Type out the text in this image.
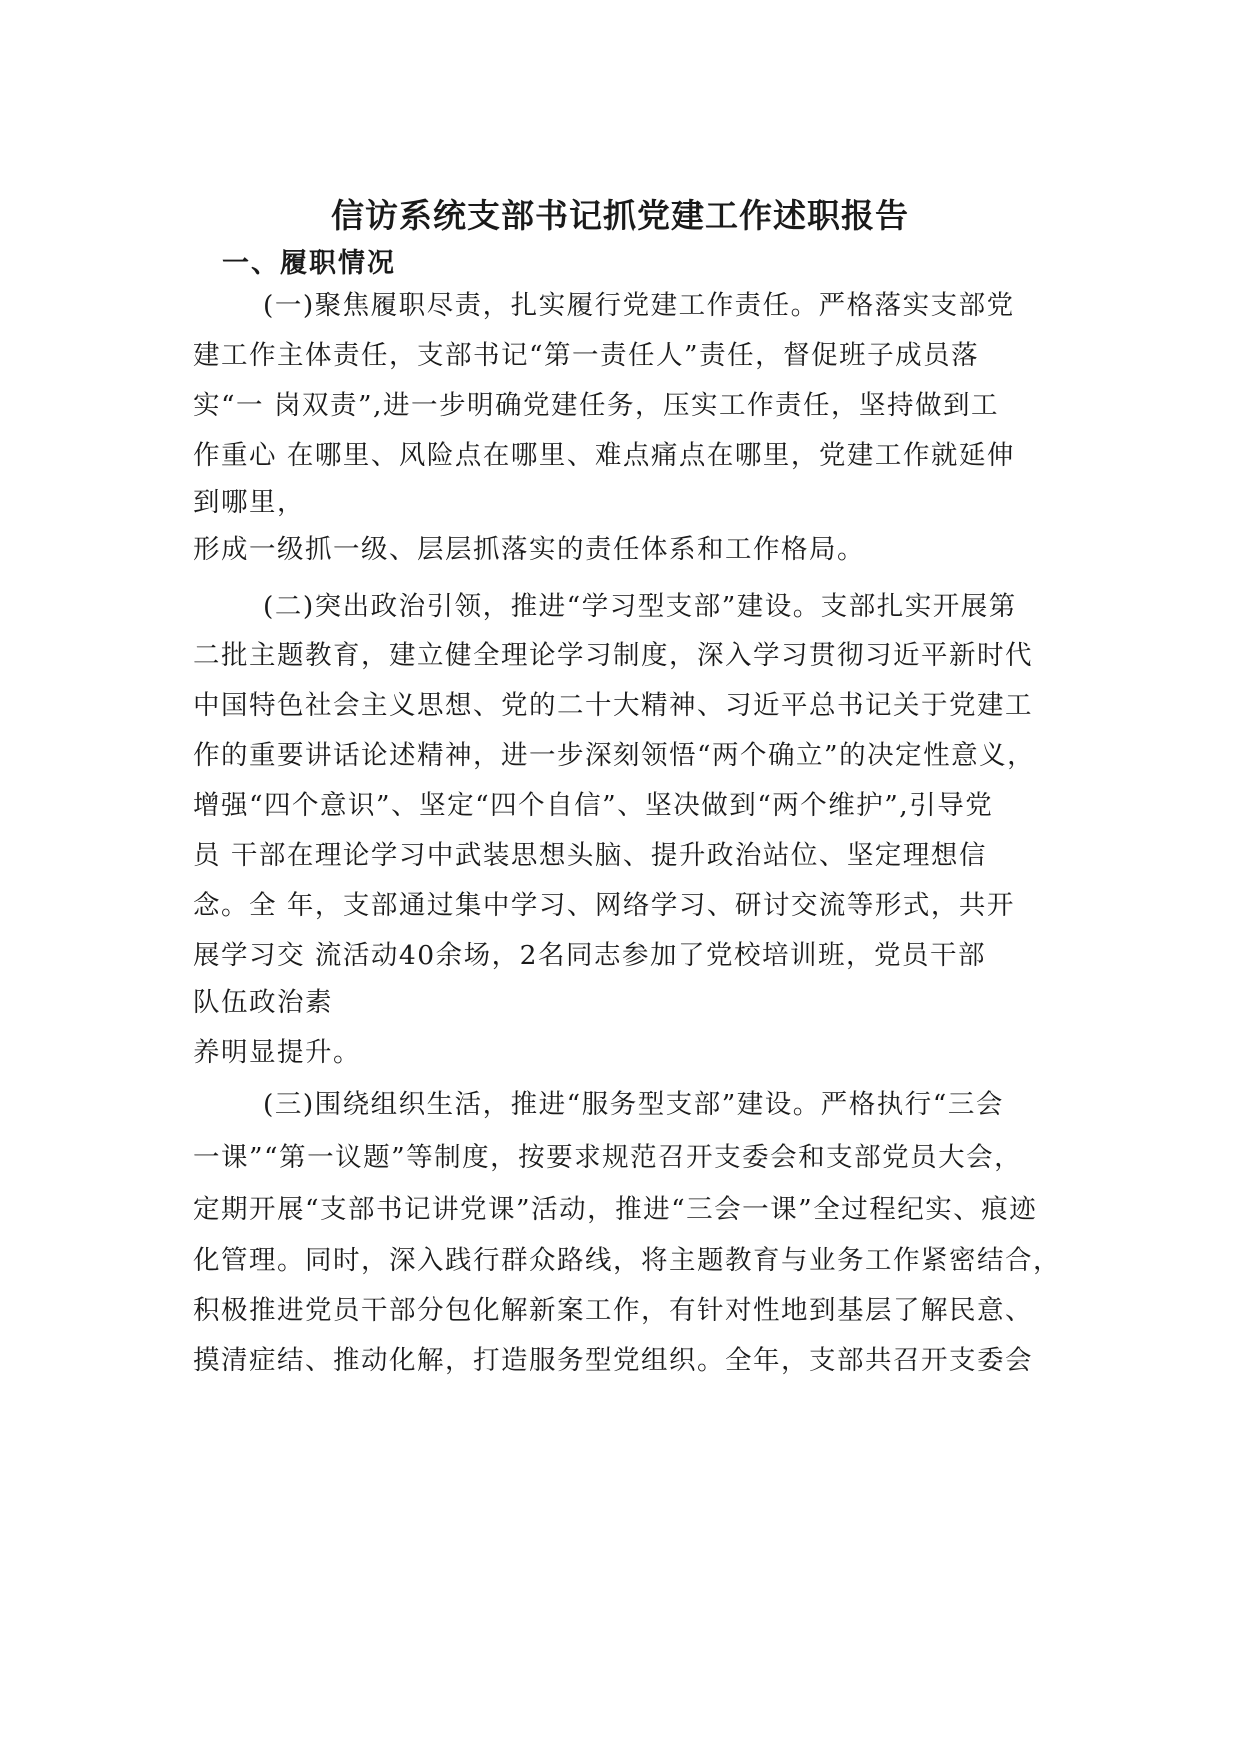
信访系统支部书记抓党建工作述职报告
一、履职情况
(一)聚焦履职尽责，扎实履行党建工作责任。严格落实支部党
建工作主体责任，支部书记“第一责任人”责任，督促班子成员落
实“一 岗双责”,进一步明确党建任务，压实工作责任，坚持做到工
作重心 在哪里、风险点在哪里、难点痛点在哪里，党建工作就延伸
到哪里，
形成一级抓一级、层层抓落实的责任体系和工作格局。
(二)突出政治引领，推进“学习型支部”建设。支部扎实开展第
二批主题教育，建立健全理论学习制度，深入学习贯彻习近平新时代
中国特色社会主义思想、党的二十大精神、习近平总书记关于党建工
作的重要讲话论述精神，进一步深刻领悟“两个确立”的决定性意义，
增强“四个意识”、坚定“四个自信”、坚决做到“两个维护”,引导党
员 干部在理论学习中武装思想头脑、提升政治站位、坚定理想信
念。全 年，支部通过集中学习、网络学习、研讨交流等形式，共开
展学习交 流活动40余场，2名同志参加了党校培训班，党员干部
队伍政治素
养明显提升。
(三)围绕组织生活，推进“服务型支部”建设。严格执行“三会
一课”“第一议题”等制度，按要求规范召开支委会和支部党员大会，
定期开展“支部书记讲党课”活动，推进“三会一课”全过程纪实、痕迹
化管理。同时，深入践行群众路线，将主题教育与业务工作紧密结合，
积极推进党员干部分包化解新案工作，有针对性地到基层了解民意、
摸清症结、推动化解，打造服务型党组织。全年，支部共召开支委会
